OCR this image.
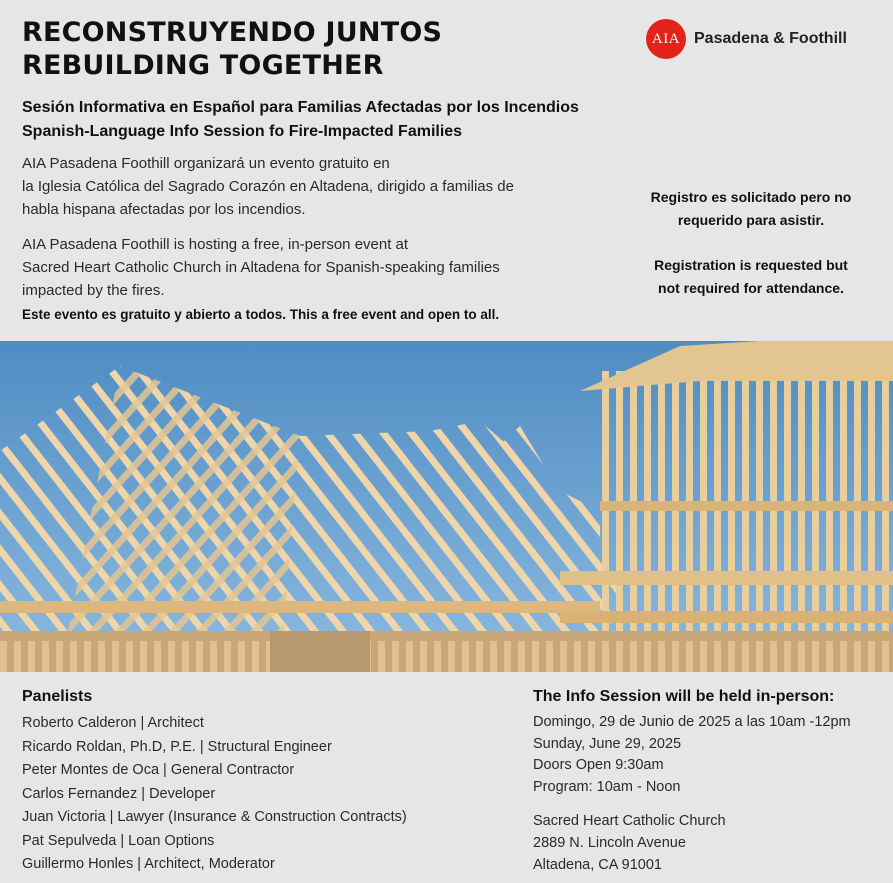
RECONSTRUYENDO JUNTOS
REBUILDING TOGETHER
AIA Pasadena & Foothill
Sesión Informativa en Español para Familias Afectadas por los Incendios
Spanish-Language Info Session fo Fire-Impacted Families
AIA Pasadena Foothill organizará un evento gratuito en
la Iglesia Católica del Sagrado Corazón en Altadena, dirigido a familias de
habla hispana afectadas por los incendios.
AIA Pasadena Foothill is hosting a free, in-person event at
Sacred Heart Catholic Church in Altadena for Spanish-speaking families
impacted by the fires.
Este evento es gratuito y abierto a todos. This a free event and open to all.
Registro es solicitado pero no
requerido para asistir.
Registration is requested but
not required for attendance.
Panelists
Roberto Calderon | Architect
Ricardo Roldan, Ph.D, P.E. | Structural Engineer
Peter Montes de Oca | General Contractor
Carlos Fernandez | Developer
Juan Victoria | Lawyer (Insurance & Construction Contracts)
Pat Sepulveda | Loan Options
Guillermo Honles | Architect, Moderator
The Info Session will be held in-person:
Domingo, 29 de Junio de 2025 a las 10am -12pm
Sunday, June 29, 2025
Doors Open 9:30am
Program: 10am - Noon
Sacred Heart Catholic Church
2889 N. Lincoln Avenue
Altadena, CA 91001
